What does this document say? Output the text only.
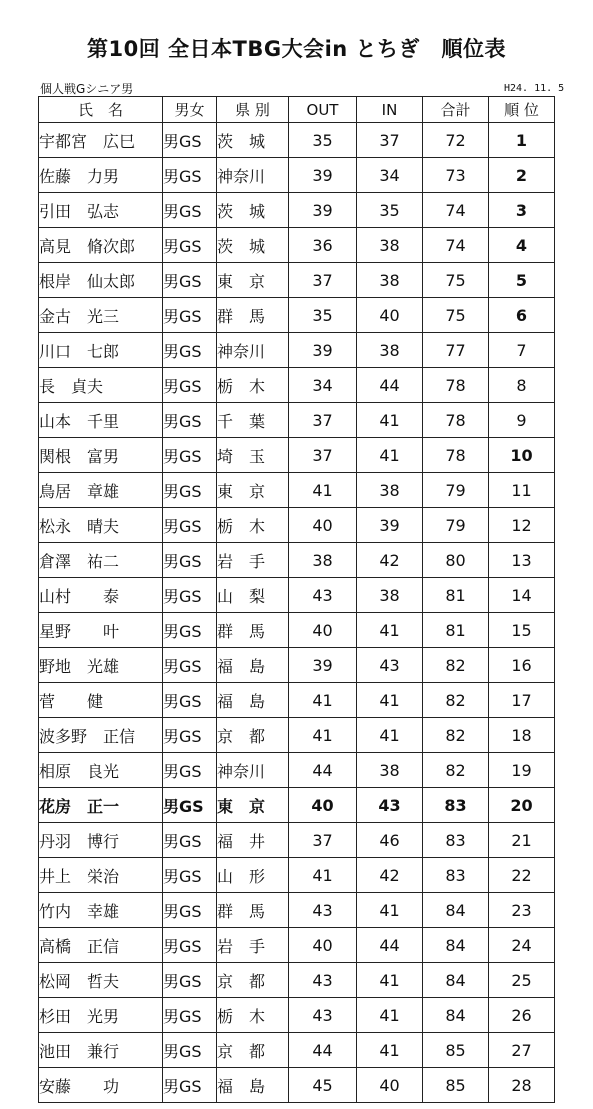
第10回 全日本TBG大会in とちぎ　順位表
個人戦Gシニア男	H24. 11. 5
氏　名	男女	県 別	OUT	IN	合計	順 位
宇都宮　広巳	男GS	茨　城	35	37	72	1
佐藤　力男	男GS	神奈川	39	34	73	2
引田　弘志	男GS	茨　城	39	35	74	3
高見　脩次郎	男GS	茨　城	36	38	74	4
根岸　仙太郎	男GS	東　京	37	38	75	5
金古　光三	男GS	群　馬	35	40	75	6
川口　七郎	男GS	神奈川	39	38	77	7
長　貞夫	男GS	栃　木	34	44	78	8
山本　千里	男GS	千　葉	37	41	78	9
関根　富男	男GS	埼　玉	37	41	78	10
鳥居　章雄	男GS	東　京	41	38	79	11
松永　晴夫	男GS	栃　木	40	39	79	12
倉澤　祐二	男GS	岩　手	38	42	80	13
山村　　泰	男GS	山　梨	43	38	81	14
星野　　叶	男GS	群　馬	40	41	81	15
野地　光雄	男GS	福　島	39	43	82	16
菅　　健	男GS	福　島	41	41	82	17
波多野　正信	男GS	京　都	41	41	82	18
相原　良光	男GS	神奈川	44	38	82	19
花房　正一	男GS	東　京	40	43	83	20
丹羽　博行	男GS	福　井	37	46	83	21
井上　栄治	男GS	山　形	41	42	83	22
竹内　幸雄	男GS	群　馬	43	41	84	23
高橋　正信	男GS	岩　手	40	44	84	24
松岡　哲夫	男GS	京　都	43	41	84	25
杉田　光男	男GS	栃　木	43	41	84	26
池田　兼行	男GS	京　都	44	41	85	27
安藤　　功	男GS	福　島	45	40	85	28
